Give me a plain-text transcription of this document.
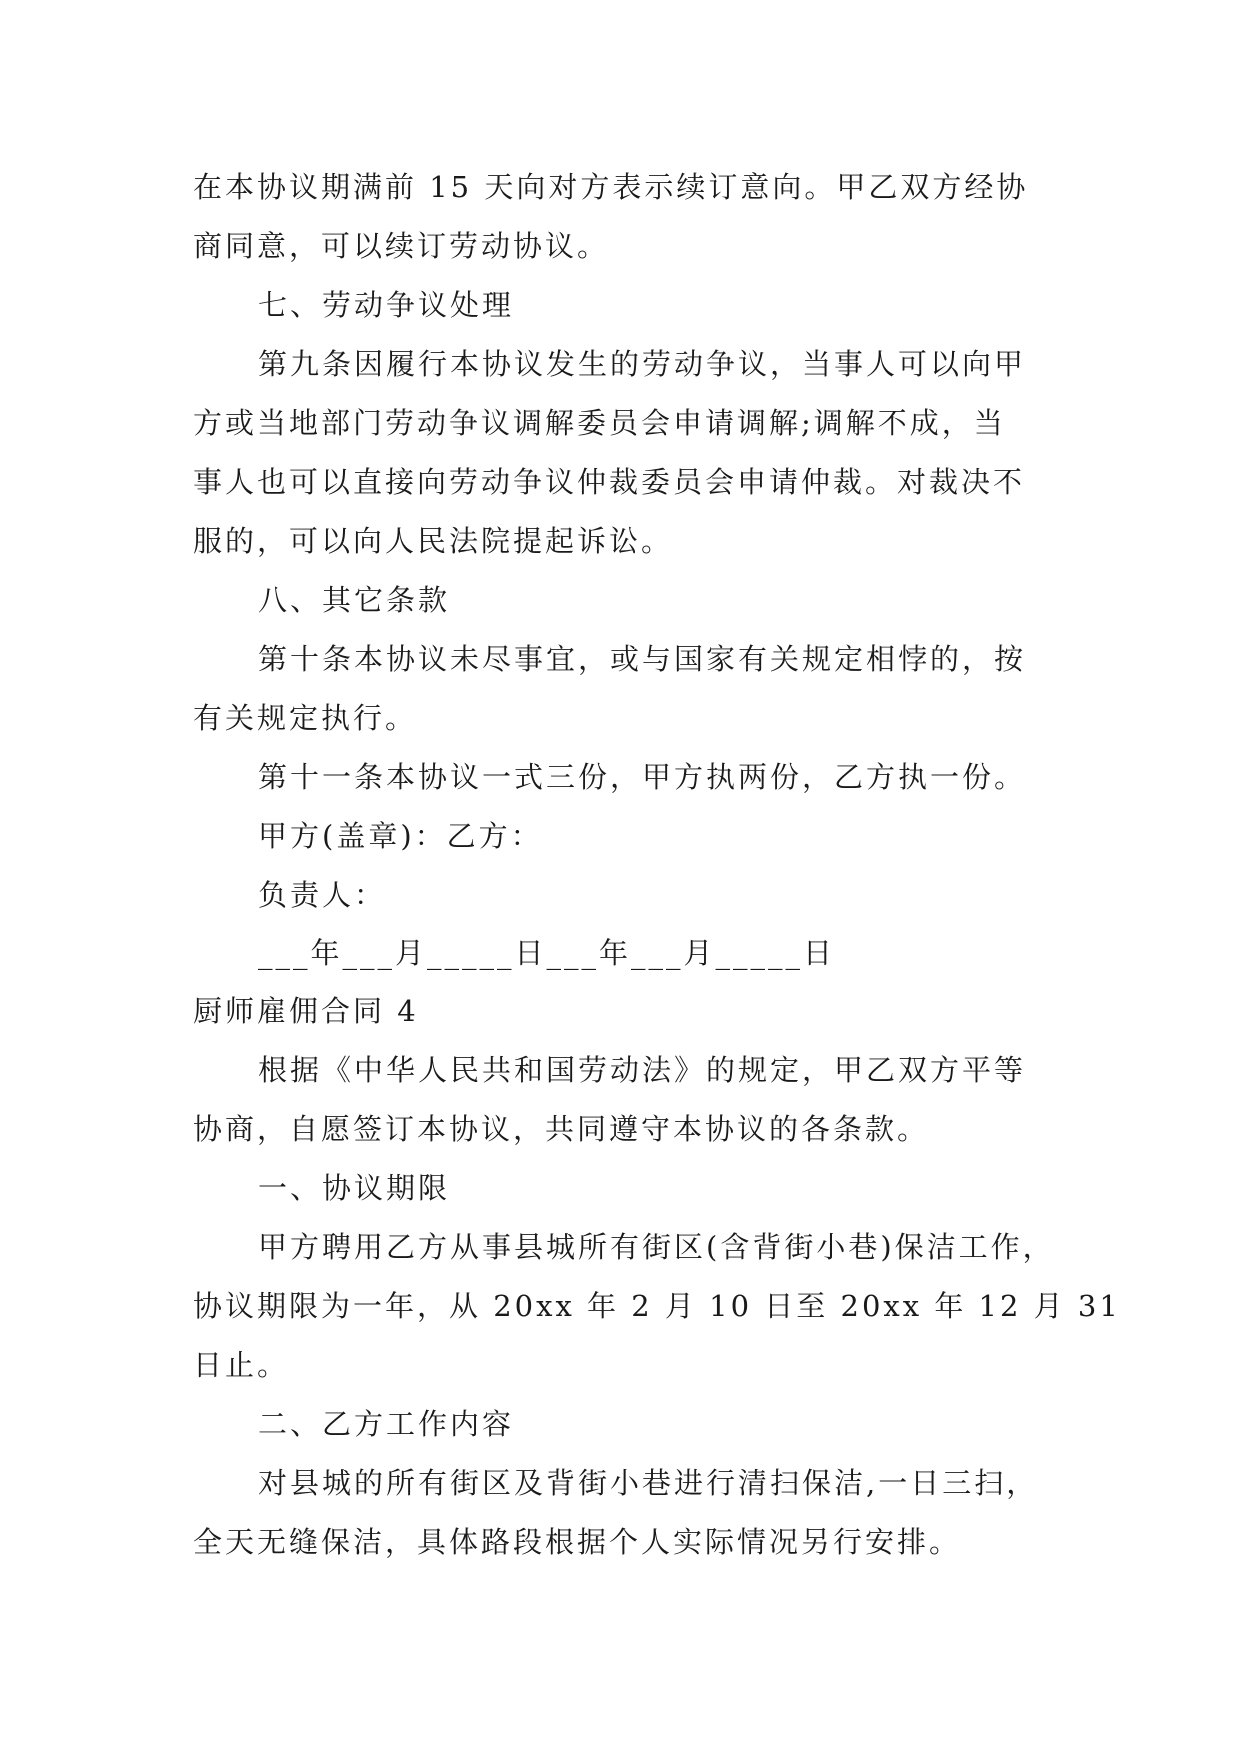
在本协议期满前 15 天向对方表示续订意向。甲乙双方经协
商同意，可以续订劳动协议。
七、劳动争议处理
第九条因履行本协议发生的劳动争议，当事人可以向甲
方或当地部门劳动争议调解委员会申请调解;调解不成，当
事人也可以直接向劳动争议仲裁委员会申请仲裁。对裁决不
服的，可以向人民法院提起诉讼。
八、其它条款
第十条本协议未尽事宜，或与国家有关规定相悖的，按
有关规定执行。
第十一条本协议一式三份，甲方执两份，乙方执一份。
甲方(盖章)：乙方：
负责人：
___年___月_____日___年___月_____日
厨师雇佣合同 4
根据《中华人民共和国劳动法》的规定，甲乙双方平等
协商，自愿签订本协议，共同遵守本协议的各条款。
一、协议期限
甲方聘用乙方从事县城所有街区(含背街小巷)保洁工作，
协议期限为一年，从 20xx 年 2 月 10 日至 20xx 年 12 月 31
日止。
二、乙方工作内容
对县城的所有街区及背街小巷进行清扫保洁,一日三扫，
全天无缝保洁，具体路段根据个人实际情况另行安排。
